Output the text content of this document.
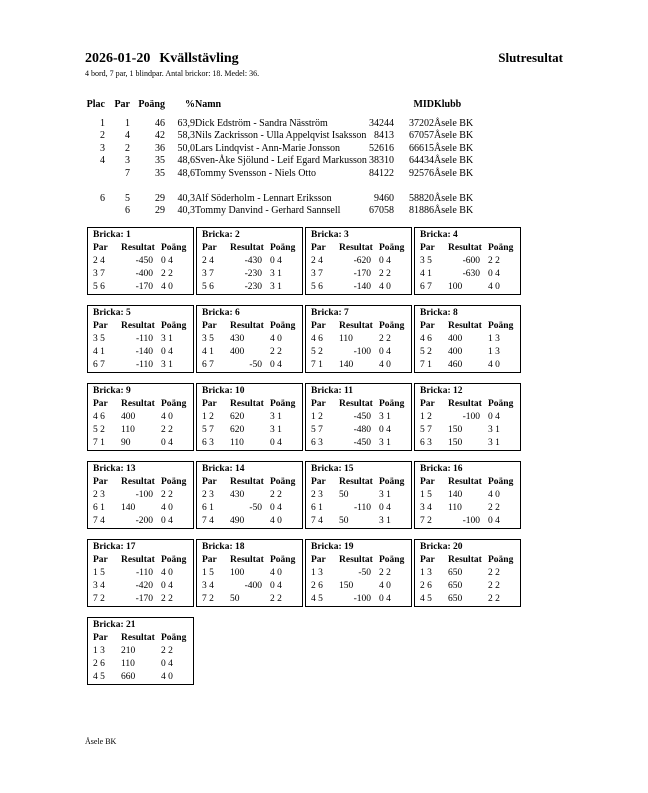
2026-01-20 Kvällstävling	Slutresultat
4 bord, 7 par, 1 blindpar. Antal brickor: 18. Medel: 36.
Plac	Par	Poäng	%	Namn	MID		Klubb
1	1	46	63,9	Dick Edström - Sandra Näsström	34244	37202	Åsele BK
2	4	42	58,3	Nils Zackrisson - Ulla Appelqvist Isaksson	8413	67057	Åsele BK
3	2	36	50,0	Lars Lindqvist - Ann-Marie Jonsson	52616	66615	Åsele BK
4	3	35	48,6	Sven-Åke Sjölund - Leif Egard Markusson	38310	64434	Åsele BK
	7	35	48,6	Tommy Svensson - Niels Otto	84122	92576	Åsele BK

6	5	29	40,3	Alf Söderholm - Lennart Eriksson	9460	58820	Åsele BK
	6	29	40,3	Tommy Danvind - Gerhard Sannsell	67058	81886	Åsele BK
Bricka: 1
Par	Resultat Poäng
2 4	-450 0 4
3 7	-400 2 2
5 6	-170 4 0
Bricka: 2
Par	Resultat Poäng
2 4	-430 0 4
3 7	-230 3 1
5 6	-230 3 1
Bricka: 3
Par	Resultat Poäng
2 4	-620 0 4
3 7	-170 2 2
5 6	-140 4 0
Bricka: 4
Par	Resultat Poäng
3 5	-600 2 2
4 1	-630 0 4
6 7	100	4 0
Bricka: 5
Par	Resultat Poäng
3 5	-110 3 1
4 1	-140 0 4
6 7	-110 3 1
Bricka: 6
Par	Resultat Poäng
3 5	430	4 0
4 1	400	2 2
6 7	-50 0 4
Bricka: 7
Par	Resultat Poäng
4 6	110	2 2
5 2	-100 0 4
7 1	140	4 0
Bricka: 8
Par	Resultat Poäng
4 6	400	1 3
5 2	400	1 3
7 1	460	4 0
Bricka: 9
Par	Resultat Poäng
4 6	400	4 0
5 2	110	2 2
7 1	90	0 4
Bricka: 10
Par	Resultat Poäng
1 2	620	3 1
5 7	620	3 1
6 3	110	0 4
Bricka: 11
Par	Resultat Poäng
1 2	-450 3 1
5 7	-480 0 4
6 3	-450 3 1
Bricka: 12
Par	Resultat Poäng
1 2	-100 0 4
5 7	150	3 1
6 3	150	3 1
Bricka: 13
Par	Resultat Poäng
2 3	-100 2 2
6 1	140	4 0
7 4	-200 0 4
Bricka: 14
Par	Resultat Poäng
2 3	430	2 2
6 1	-50 0 4
7 4	490	4 0
Bricka: 15
Par	Resultat Poäng
2 3	50	3 1
6 1	-110 0 4
7 4	50	3 1
Bricka: 16
Par	Resultat Poäng
1 5	140	4 0
3 4	110	2 2
7 2	-100 0 4
Bricka: 17
Par	Resultat Poäng
1 5	-110 4 0
3 4	-420 0 4
7 2	-170 2 2
Bricka: 18
Par	Resultat Poäng
1 5	100	4 0
3 4	-400 0 4
7 2	50	2 2
Bricka: 19
Par	Resultat Poäng
1 3	-50 2 2
2 6	150	4 0
4 5	-100 0 4
Bricka: 20
Par	Resultat Poäng
1 3	650	2 2
2 6	650	2 2
4 5	650	2 2
Bricka: 21
Par	Resultat Poäng
1 3	210	2 2
2 6	110	0 4
4 5	660	4 0
Åsele BK
